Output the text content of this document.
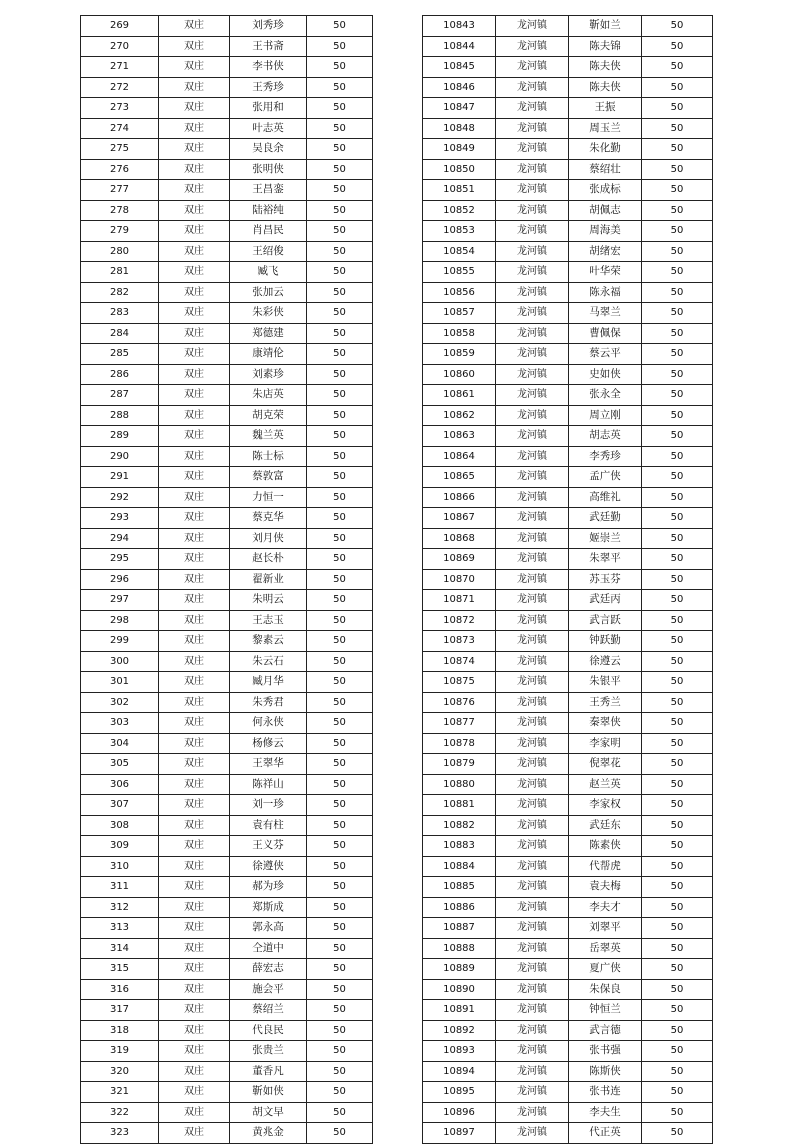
269	双庄	刘秀珍	50
270	双庄	王书斋	50
271	双庄	李书侠	50
272	双庄	王秀珍	50
273	双庄	张用和	50
274	双庄	叶志英	50
275	双庄	吴良余	50
276	双庄	张明侠	50
277	双庄	王昌銮	50
278	双庄	陆裕纯	50
279	双庄	肖昌民	50
280	双庄	王绍俊	50
281	双庄	臧飞	50
282	双庄	张加云	50
283	双庄	朱彩侠	50
284	双庄	郑德建	50
285	双庄	康靖伦	50
286	双庄	刘素珍	50
287	双庄	朱店英	50
288	双庄	胡克荣	50
289	双庄	魏兰英	50
290	双庄	陈士标	50
291	双庄	蔡敦富	50
292	双庄	力恒一	50
293	双庄	蔡克华	50
294	双庄	刘月侠	50
295	双庄	赵长朴	50
296	双庄	翟新业	50
297	双庄	朱明云	50
298	双庄	王志玉	50
299	双庄	黎素云	50
300	双庄	朱云石	50
301	双庄	臧月华	50
302	双庄	朱秀君	50
303	双庄	何永侠	50
304	双庄	杨修云	50
305	双庄	王翠华	50
306	双庄	陈祥山	50
307	双庄	刘一珍	50
308	双庄	袁有柱	50
309	双庄	王义芬	50
310	双庄	徐遵侠	50
311	双庄	郝为珍	50
312	双庄	郑斯成	50
313	双庄	郭永高	50
314	双庄	仝道中	50
315	双庄	薛宏志	50
316	双庄	施会平	50
317	双庄	蔡绍兰	50
318	双庄	代良民	50
319	双庄	张贵兰	50
320	双庄	董香凡	50
321	双庄	靳如侠	50
322	双庄	胡文早	50
323	双庄	黄兆金	50
10843	龙河镇	靳如兰	50
10844	龙河镇	陈夫锦	50
10845	龙河镇	陈夫侠	50
10846	龙河镇	陈夫侠	50
10847	龙河镇	王振	50
10848	龙河镇	周玉兰	50
10849	龙河镇	朱化勤	50
10850	龙河镇	蔡绍壮	50
10851	龙河镇	张成标	50
10852	龙河镇	胡佩志	50
10853	龙河镇	周海美	50
10854	龙河镇	胡绪宏	50
10855	龙河镇	叶华荣	50
10856	龙河镇	陈永福	50
10857	龙河镇	马翠兰	50
10858	龙河镇	曹佩保	50
10859	龙河镇	蔡云平	50
10860	龙河镇	史如侠	50
10861	龙河镇	张永全	50
10862	龙河镇	周立刚	50
10863	龙河镇	胡志英	50
10864	龙河镇	李秀珍	50
10865	龙河镇	孟广侠	50
10866	龙河镇	高维礼	50
10867	龙河镇	武廷勤	50
10868	龙河镇	姬崇兰	50
10869	龙河镇	朱翠平	50
10870	龙河镇	苏玉芬	50
10871	龙河镇	武廷丙	50
10872	龙河镇	武言跃	50
10873	龙河镇	钟跃勤	50
10874	龙河镇	徐遵云	50
10875	龙河镇	朱银平	50
10876	龙河镇	王秀兰	50
10877	龙河镇	秦翠侠	50
10878	龙河镇	李家明	50
10879	龙河镇	倪翠花	50
10880	龙河镇	赵兰英	50
10881	龙河镇	李家权	50
10882	龙河镇	武廷东	50
10883	龙河镇	陈素侠	50
10884	龙河镇	代帮虎	50
10885	龙河镇	袁夫梅	50
10886	龙河镇	李夫才	50
10887	龙河镇	刘翠平	50
10888	龙河镇	岳翠英	50
10889	龙河镇	夏广侠	50
10890	龙河镇	朱保良	50
10891	龙河镇	钟恒兰	50
10892	龙河镇	武言德	50
10893	龙河镇	张书强	50
10894	龙河镇	陈斯侠	50
10895	龙河镇	张书连	50
10896	龙河镇	李夫生	50
10897	龙河镇	代正英	50
